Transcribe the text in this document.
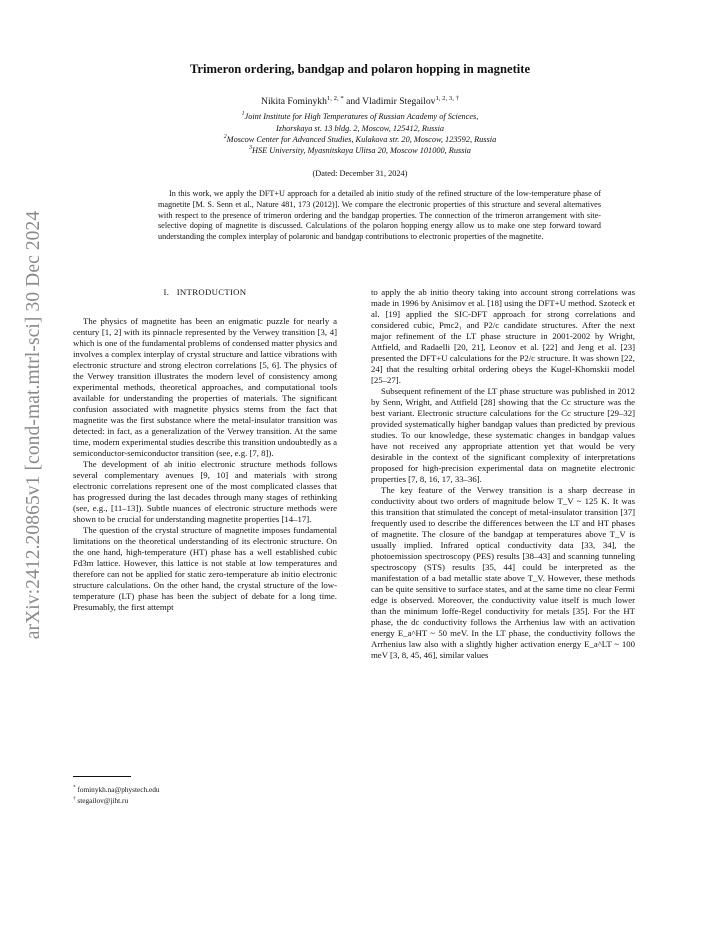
arXiv:2412.20865v1 [cond-mat.mtrl-sci] 30 Dec 2024
Trimeron ordering, bandgap and polaron hopping in magnetite
Nikita Fominykh$^{1, 2, *}$ and Vladimir Stegailov$^{1, 2, 3, \dagger}$
$^1$Joint Institute for High Temperatures of Russian Academy of Sciences,
Izhorskaya st. 13 bldg. 2, Moscow, 125412, Russia
$^2$Moscow Center for Advanced Studies, Kulakova str. 20, Moscow, 123592, Russia
$^3$HSE University, Myasnitskaya Ulitsa 20, Moscow 101000, Russia
(Dated: December 31, 2024)
In this work, we apply the DFT+U approach for a detailed ab initio study of the refined structure of the low-temperature phase of magnetite [M. S. Senn et al., Nature 481, 173 (2012)]. We compare the electronic properties of this structure and several alternatives with respect to the presence of trimeron ordering and the bandgap properties. The connection of the trimeron arrangement with site-selective doping of magnetite is discussed. Calculations of the polaron hopping energy allow us to make one step forward toward understanding the complex interplay of polaronic and bandgap contributions to electronic properties of the magnetite.
I. INTRODUCTION

The physics of magnetite has been an enigmatic puzzle for nearly a century [1, 2] with its pinnacle represented by the Verwey transition [3, 4] which is one of the fundamental problems of condensed matter physics and involves a complex interplay of crystal structure and lattice vibrations with electronic structure and strong electron correlations [5, 6]. The physics of the Verwey transition illustrates the modern level of consistency among experimental methods, theoretical approaches, and computational tools available for understanding the properties of materials. The significant confusion associated with magnetite physics stems from the fact that magnetite was the first substance where the metal-insulator transition was detected: in fact, as a generalization of the Verwey transition. At the same time, modern experimental studies describe this transition undoubtedly as a semiconductor-semiconductor transition (see, e.g. [7, 8]).

The development of ab initio electronic structure methods follows several complementary avenues [9, 10] and materials with strong electronic correlations represent one of the most complicated classes that has progressed during the last decades through many stages of rethinking (see, e.g., [11–13]). Subtle nuances of electronic structure methods were shown to be crucial for understanding magnetite properties [14–17].

The question of the crystal structure of magnetite imposes fundamental limitations on the theoretical understanding of its electronic structure. On the one hand, high-temperature (HT) phase has a well established cubic Fd3m lattice. However, this lattice is not stable at low temperatures and therefore can not be applied for static zero-temperature ab initio electronic structure calculations. On the other hand, the crystal structure of the low-temperature (LT) phase has been the subject of debate for a long time. Presumably, the first attempt

to apply the ab initio theory taking into account strong correlations was made in 1996 by Anisimov et al. [18] using the DFT+U method. Szoteck et al. [19] applied the SIC-DFT approach for strong correlations and considered cubic, Pmc2₁ and P2/c candidate structures. After the next major refinement of the LT phase structure in 2001-2002 by Wright, Attfield, and Radaelli [20, 21], Leonov et al. [22] and Jeng et al. [23] presented the DFT+U calculations for the P2/c structure. It was shown [22, 24] that the resulting orbital ordering obeys the Kugel-Khomskii model [25–27].

Subsequent refinement of the LT phase structure was published in 2012 by Senn, Wright, and Attfield [28] showing that the Cc structure was the best variant. Electronic structure calculations for the Cc structure [29–32] provided systematically higher bandgap values than predicted by previous studies. To our knowledge, these systematic changes in bandgap values have not received any appropriate attention yet that would be very desirable in the context of the significant complexity of interpretations proposed for high-precision experimental data on magnetite electronic properties [7, 8, 16, 17, 33–36].

The key feature of the Verwey transition is a sharp decrease in conductivity about two orders of magnitude below T_V ~ 125 K. It was this transition that stimulated the concept of metal-insulator transition [37] frequently used to describe the differences between the LT and HT phases of magnetite. The closure of the bandgap at temperatures above T_V is usually implied. Infrared optical conductivity data [33, 34], the photoemission spectroscopy (PES) results [38–43] and scanning tunneling spectroscopy (STS) results [35, 44] could be interpreted as the manifestation of a bad metallic state above T_V. However, these methods can be quite sensitive to surface states, and at the same time no clear Fermi edge is observed. Moreover, the conductivity value itself is much lower than the minimum Ioffe-Regel conductivity for metals [35]. For the HT phase, the dc conductivity follows the Arrhenius law with an activation energy E_a^HT ~ 50 meV. In the LT phase, the conductivity follows the Arrhenius law also with a slightly higher activation energy E_a^LT ~ 100 meV [3, 8, 45, 46], similar values

* fominykh.na@phystech.edu
† stegailov@jiht.ru
